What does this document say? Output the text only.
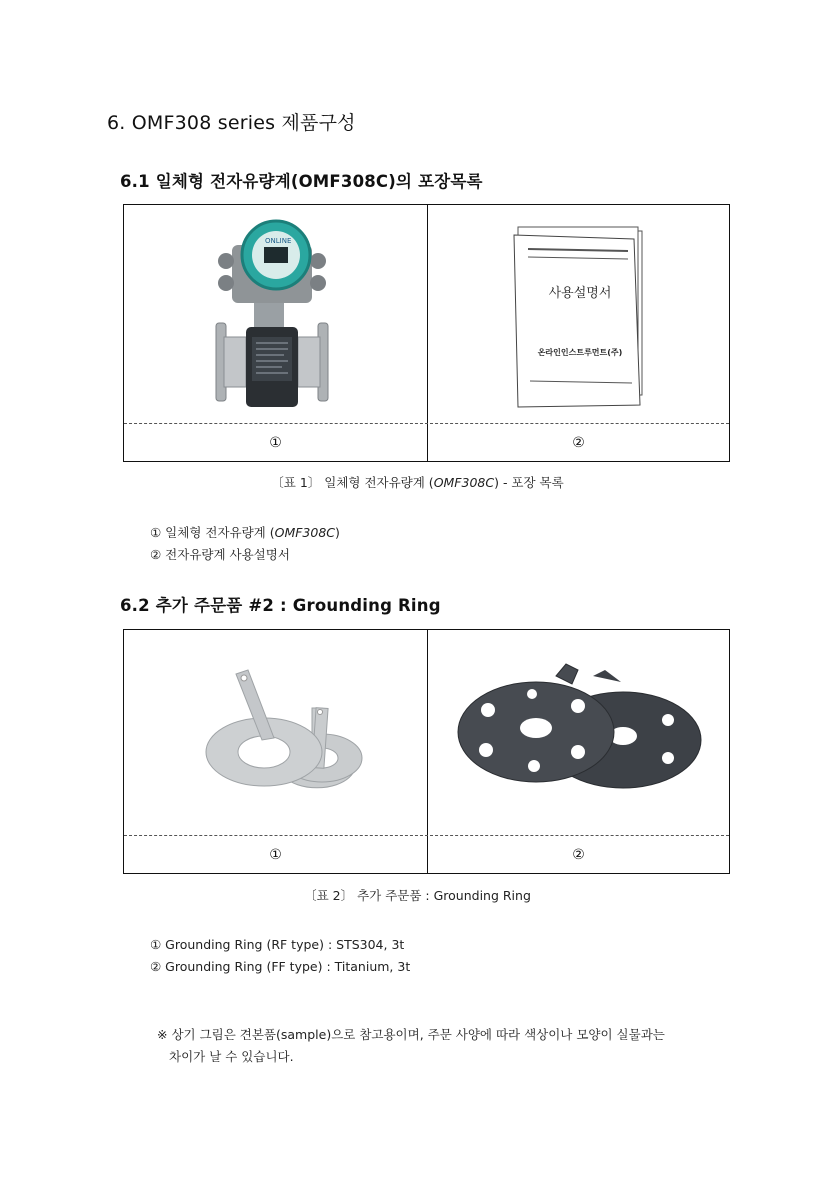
6. OMF308 series 제품구성
6.1 일체형 전자유량계(OMF308C)의 포장목록
ONLINE
사용설명서
온라인인스트루먼트(주)
①	②
〔표 1〕 일체형 전자유량계 (OMF308C) - 포장 목록
① 일체형 전자유량계 (OMF308C)
② 전자유량계 사용설명서
6.2 추가 주문품 #2 : Grounding Ring
①	②
〔표 2〕 추가 주문품 : Grounding Ring
① Grounding Ring (RF type) : STS304, 3t
② Grounding Ring (FF type) : Titanium, 3t
※ 상기 그림은 견본품(sample)으로 참고용이며, 주문 사양에 따라 색상이나 모양이 실물과는
차이가 날 수 있습니다.
